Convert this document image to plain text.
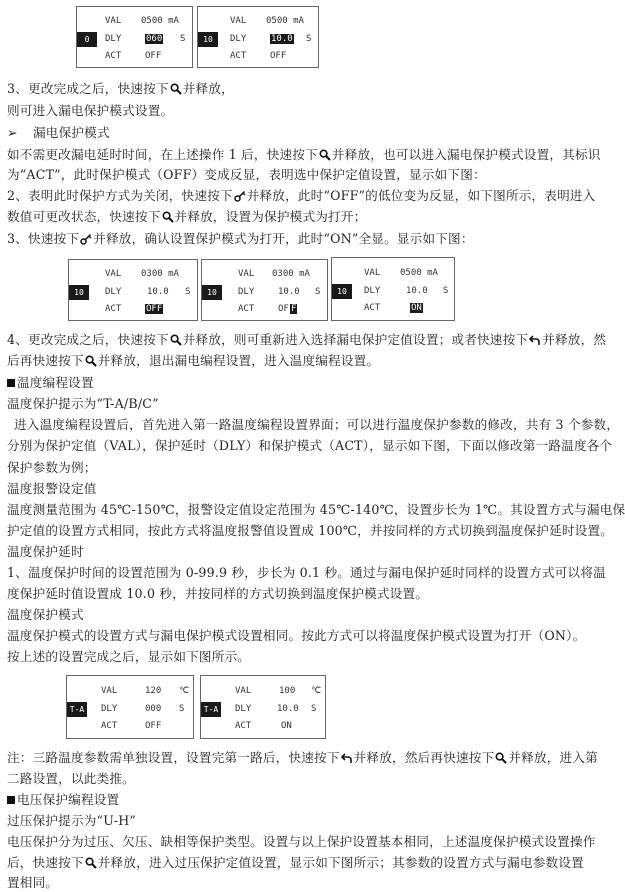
VAL 0500 mA
0	DLY	060 S
ACT	OFF
VAL 0500 mA
10	DLY	10.0 S
ACT	OFF
3、更改完成之后，快速按下 并释放，
则可进入漏电保护模式设置。
➢ 漏电保护模式
如不需更改漏电延时时间，在上述操作 1 后，快速按下 并释放，也可以进入漏电保护模式设置，其标识
为“ACT”，此时保护模式（OFF）变成反显，表明选中保护定值设置，显示如下图：
2、表明此时保护方式为关闭，快速按下 并释放，此时“OFF”的低位变为反显，如下图所示，表明进入
数值可更改状态，快速按下 并释放，设置为保护模式为打开；
3、快速按下 并释放，确认设置保护模式为打开，此时“ON”全显。显示如下图：
VAL 0300 mA
10	DLY	10.0 S
ACT	OFF
VAL 0300 mA
10	DLY	10.0 S
ACT	OF F
VAL 0500 mA
10	DLY	10.0 S
ACT	ON
4、更改完成之后，快速按下 并释放，则可重新进入选择漏电保护定值设置；或者快速按下 并释放，然
后再快速按下 并释放，退出漏电编程设置，进入温度编程设置。
温度编程设置
温度保护提示为“T-A/B/C”
进入温度编程设置后，首先进入第一路温度编程设置界面；可以进行温度保护参数的修改，共有 3 个参数，
分别为保护定值（VAL），保护延时（DLY）和保护模式（ACT），显示如下图，下面以修改第一路温度各个
保护参数为例；
温度报警设定值
温度测量范围为 45℃-150℃，报警设定值设定范围为 45℃-140℃，设置步长为 1℃。其设置方式与漏电保
护定值的设置方式相同，按此方式将温度报警值设置成 100℃，并按同样的方式切换到温度保护延时设置。
温度保护延时
1、温度保护时间的设置范围为 0-99.9 秒，步长为 0.1 秒。通过与漏电保护延时同样的设置方式可以将温
度保护延时值设置成 10.0 秒，并按同样的方式切换到温度保护模式设置。
温度保护模式
温度保护模式的设置方式与漏电保护模式设置相同。按此方式可以将温度保护模式设置为打开（ON）。
按上述的设置完成之后，显示如下图所示。
VAL	120 ℃
T-A	DLY	000 S
ACT	OFF
VAL	100 ℃
T-A	DLY	10.0 S
ACT	ON
注：三路温度参数需单独设置，设置完第一路后，快速按下 并释放，然后再快速按下 并释放，进入第
二路设置，以此类推。
电压保护编程设置
过压保护提示为“U-H”
电压保护分为过压、欠压、缺相等保护类型。设置与以上保护设置基本相同，上述温度保护模式设置操作
后，快速按下 并释放，进入过压保护定值设置，显示如下图所示；其参数的设置方式与漏电参数设置
置相同。
